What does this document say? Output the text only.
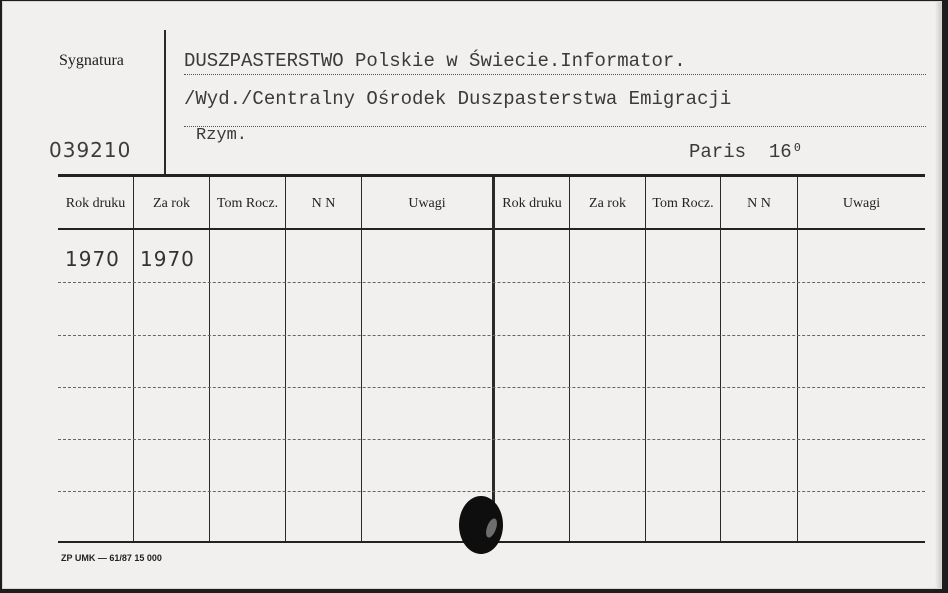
Sygnatura
039210
DUSZPASTERSTWO Polskie w Świecie.Informator.
/Wyd./Centralny Ośrodek Duszpasterstwa Emigracji
Rzym.
Paris  16⁰
Rok druku	Za rok	Tom Rocz.	N N	Uwagi	Rok druku	Za rok	Tom Rocz.	N N	Uwagi
1970 1970
ZP UMK — 61/87 15 000
